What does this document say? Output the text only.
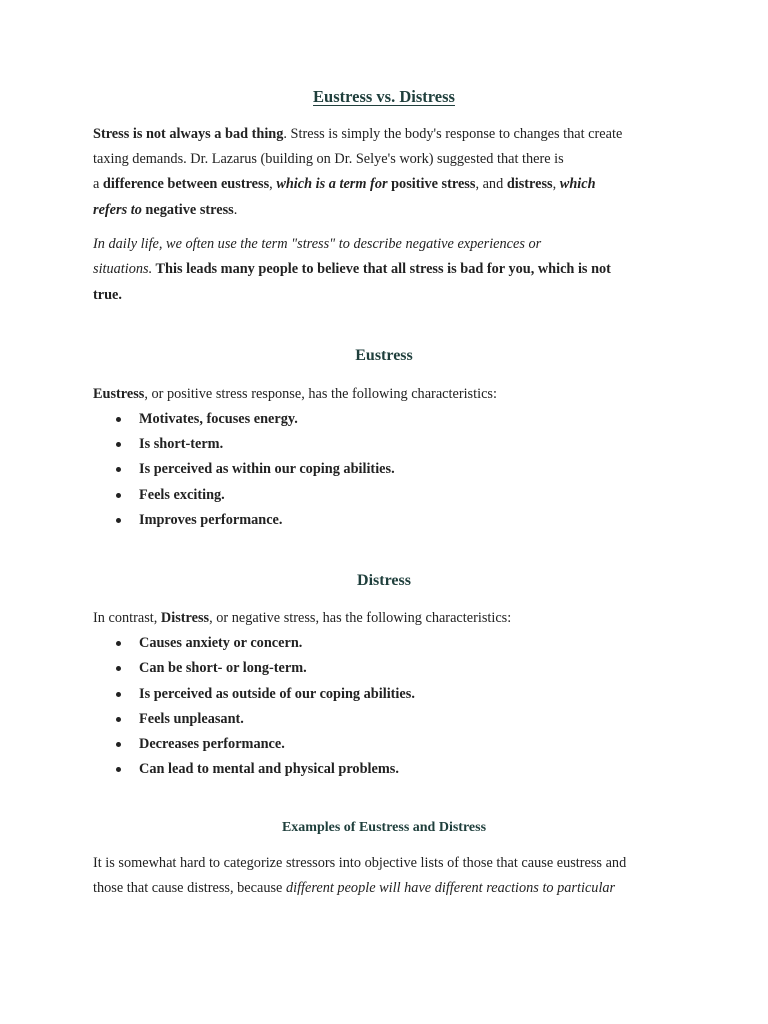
Eustress vs. Distress
Stress is not always a bad thing. Stress is simply the body's response to changes that create
taxing demands. Dr. Lazarus (building on Dr. Selye's work) suggested that there is
a difference between eustress, which is a term for positive stress, and distress, which
refers to negative stress.
In daily life, we often use the term "stress" to describe negative experiences or
situations. This leads many people to believe that all stress is bad for you, which is not
true.
Eustress
Eustress, or positive stress response, has the following characteristics:
Motivates, focuses energy.
Is short-term.
Is perceived as within our coping abilities.
Feels exciting.
Improves performance.
Distress
In contrast, Distress, or negative stress, has the following characteristics:
Causes anxiety or concern.
Can be short- or long-term.
Is perceived as outside of our coping abilities.
Feels unpleasant.
Decreases performance.
Can lead to mental and physical problems.
Examples of Eustress and Distress
It is somewhat hard to categorize stressors into objective lists of those that cause eustress and
those that cause distress, because different people will have different reactions to particular
